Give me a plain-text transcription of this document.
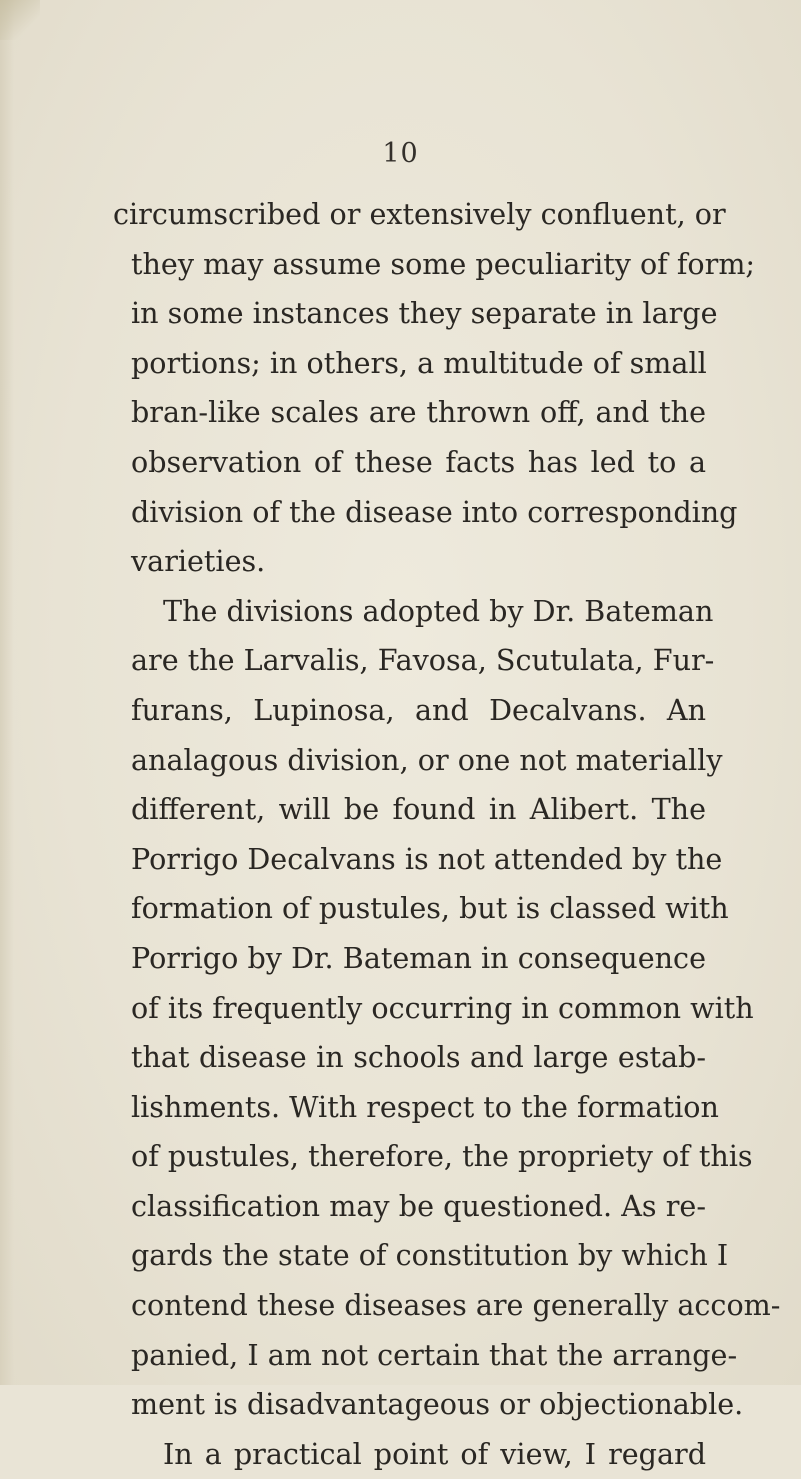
10
circumscribed or extensively confluent, or
they may assume some peculiarity of form;
in some instances they separate in large
portions; in others, a multitude of small
bran-like scales are thrown off, and the
observation of these facts has led to a
division of the disease into corresponding
varieties.
The divisions adopted by Dr. Bateman
are the Larvalis, Favosa, Scutulata, Fur-
furans, Lupinosa, and Decalvans. An
analagous division, or one not materially
different, will be found in Alibert. The
Porrigo Decalvans is not attended by the
formation of pustules, but is classed with
Porrigo by Dr. Bateman in consequence
of its frequently occurring in common with
that disease in schools and large estab-
lishments. With respect to the formation
of pustules, therefore, the propriety of this
classification may be questioned. As re-
gards the state of constitution by which I
contend these diseases are generally accom-
panied, I am not certain that the arrange-
ment is disadvantageous or objectionable.
In a practical point of view, I regard
